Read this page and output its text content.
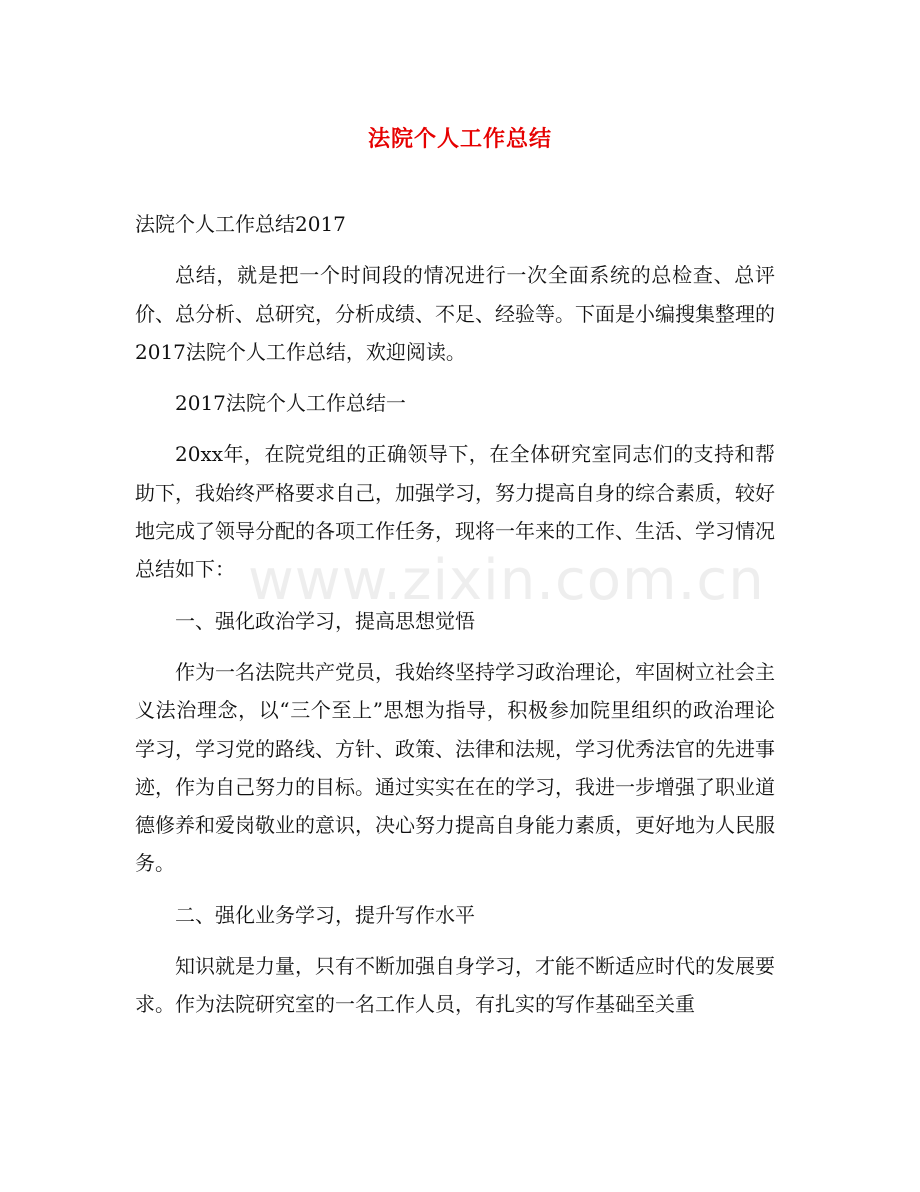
法院个人工作总结

法院个人工作总结2017

总结，就是把一个时间段的情况进行一次全面系统的总检查、总评价、总分析、总研究，分析成绩、不足、经验等。下面是小编搜集整理的2017法院个人工作总结，欢迎阅读。

2017法院个人工作总结一

20xx年，在院党组的正确领导下，在全体研究室同志们的支持和帮助下，我始终严格要求自己，加强学习，努力提高自身的综合素质，较好地完成了领导分配的各项工作任务，现将一年来的工作、生活、学习情况总结如下：

一、强化政治学习，提高思想觉悟

作为一名法院共产党员，我始终坚持学习政治理论，牢固树立社会主义法治理念，以“三个至上”思想为指导，积极参加院里组织的政治理论学习，学习党的路线、方针、政策、法律和法规，学习优秀法官的先进事迹，作为自己努力的目标。通过实实在在的学习，我进一步增强了职业道德修养和爱岗敬业的意识，决心努力提高自身能力素质，更好地为人民服务。

二、强化业务学习，提升写作水平

知识就是力量，只有不断加强自身学习，才能不断适应时代的发展要求。作为法院研究室的一名工作人员，有扎实的写作基础至关重

www.zixin.com.cn
